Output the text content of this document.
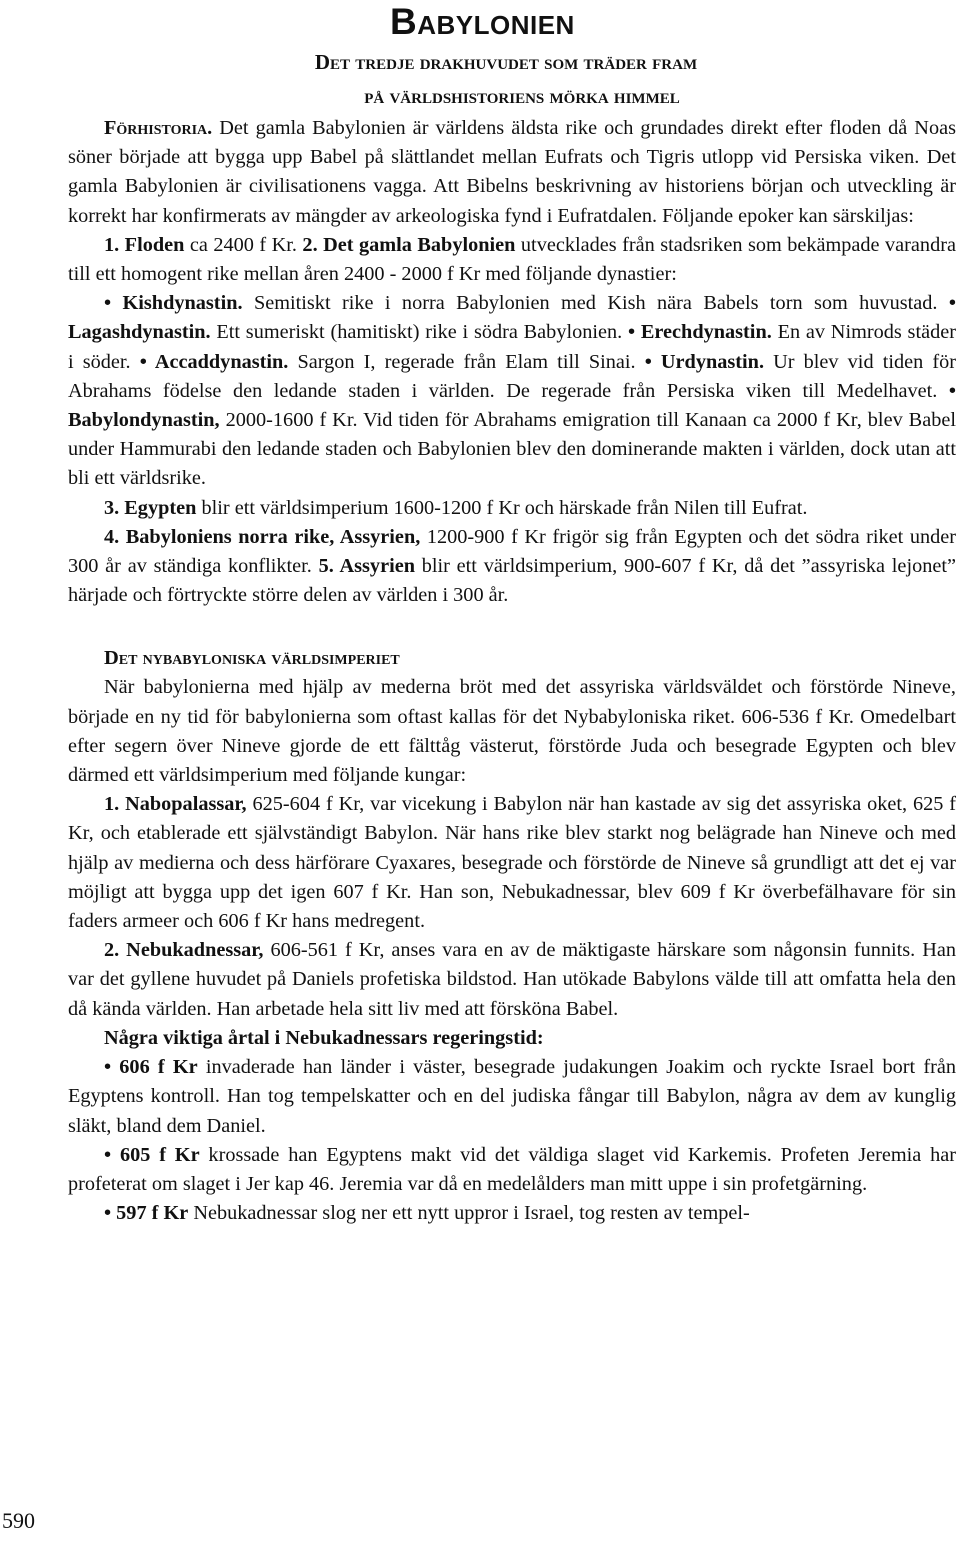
Babylonien
Det tredje drakhuvudet som träder fram
på världshistoriens mörka himmel

Förhistoria. Det gamla Babylonien är världens äldsta rike och grundades direkt efter floden då Noas söner började att bygga upp Babel på slättlandet mellan Eufrats och Tigris utlopp vid Persiska viken. Det gamla Babylonien är civilisationens vagga. Att Bibelns beskrivning av historiens början och utveckling är korrekt har konfirmerats av mängder av arkeologiska fynd i Eufratdalen. Följande epoker kan särskiljas:

1. Floden ca 2400 f Kr. 2. Det gamla Babylonien utvecklades från stadsriken som bekämpade varandra till ett homogent rike mellan åren 2400 - 2000 f Kr med följande dynastier:

• Kishdynastin. Semitiskt rike i norra Babylonien med Kish nära Babels torn som huvustad. • Lagashdynastin. Ett sumeriskt (hamitiskt) rike i södra Babylonien. • Erechdynastin. En av Nimrods städer i söder. • Accaddynastin. Sargon I, regerade från Elam till Sinai. • Urdynastin. Ur blev vid tiden för Abrahams födelse den ledande staden i världen. De regerade från Persiska viken till Medelhavet. • Babylondynastin, 2000-1600 f Kr. Vid tiden för Abrahams emigration till Kanaan ca 2000 f Kr, blev Babel under Hammurabi den ledande staden och Babylonien blev den dominerande makten i världen, dock utan att bli ett världsrike.

3. Egypten blir ett världsimperium 1600-1200 f Kr och härskade från Nilen till Eufrat.

4. Babyloniens norra rike, Assyrien, 1200-900 f Kr frigör sig från Egypten och det södra riket under 300 år av ständiga konflikter. 5. Assyrien blir ett världsimperium, 900-607 f Kr, då det ”assyriska lejonet” härjade och förtryckte större delen av världen i 300 år.

Det nybabyloniska världsimperiet

När babylonierna med hjälp av mederna bröt med det assyriska världsväldet och förstörde Nineve, började en ny tid för babylonierna som oftast kallas för det Nybabyloniska riket. 606-536 f Kr. Omedelbart efter segern över Nineve gjorde de ett fälttåg västerut, förstörde Juda och besegrade Egypten och blev därmed ett världsimperium med följande kungar:

1. Nabopalassar, 625-604 f Kr, var vicekung i Babylon när han kastade av sig det assyriska oket, 625 f Kr, och etablerade ett självständigt Babylon. När hans rike blev starkt nog belägrade han Nineve och med hjälp av medierna och dess härförare Cyaxares, besegrade och förstörde de Nineve så grundligt att det ej var möjligt att bygga upp det igen 607 f Kr. Han son, Nebukadnessar, blev 609 f Kr överbefälhavare för sin faders armeer och 606 f Kr hans medregent.

2. Nebukadnessar, 606-561 f Kr, anses vara en av de mäktigaste härskare som någonsin funnits. Han var det gyllene huvudet på Daniels profetiska bildstod. Han utökade Babylons välde till att omfatta hela den då kända världen. Han arbetade hela sitt liv med att försköna Babel.

Några viktiga årtal i Nebukadnessars regeringstid:

• 606 f Kr invaderade han länder i väster, besegrade judakungen Joakim och ryckte Israel bort från Egyptens kontroll. Han tog tempelskatter och en del judiska fångar till Babylon, några av dem av kunglig släkt, bland dem Daniel.

• 605 f Kr krossade han Egyptens makt vid det väldiga slaget vid Karkemis. Profeten Jeremia har profeterat om slaget i Jer kap 46. Jeremia var då en medelålders man mitt uppe i sin profetgärning.

• 597 f Kr Nebukadnessar slog ner ett nytt uppror i Israel, tog resten av tempel-

590
